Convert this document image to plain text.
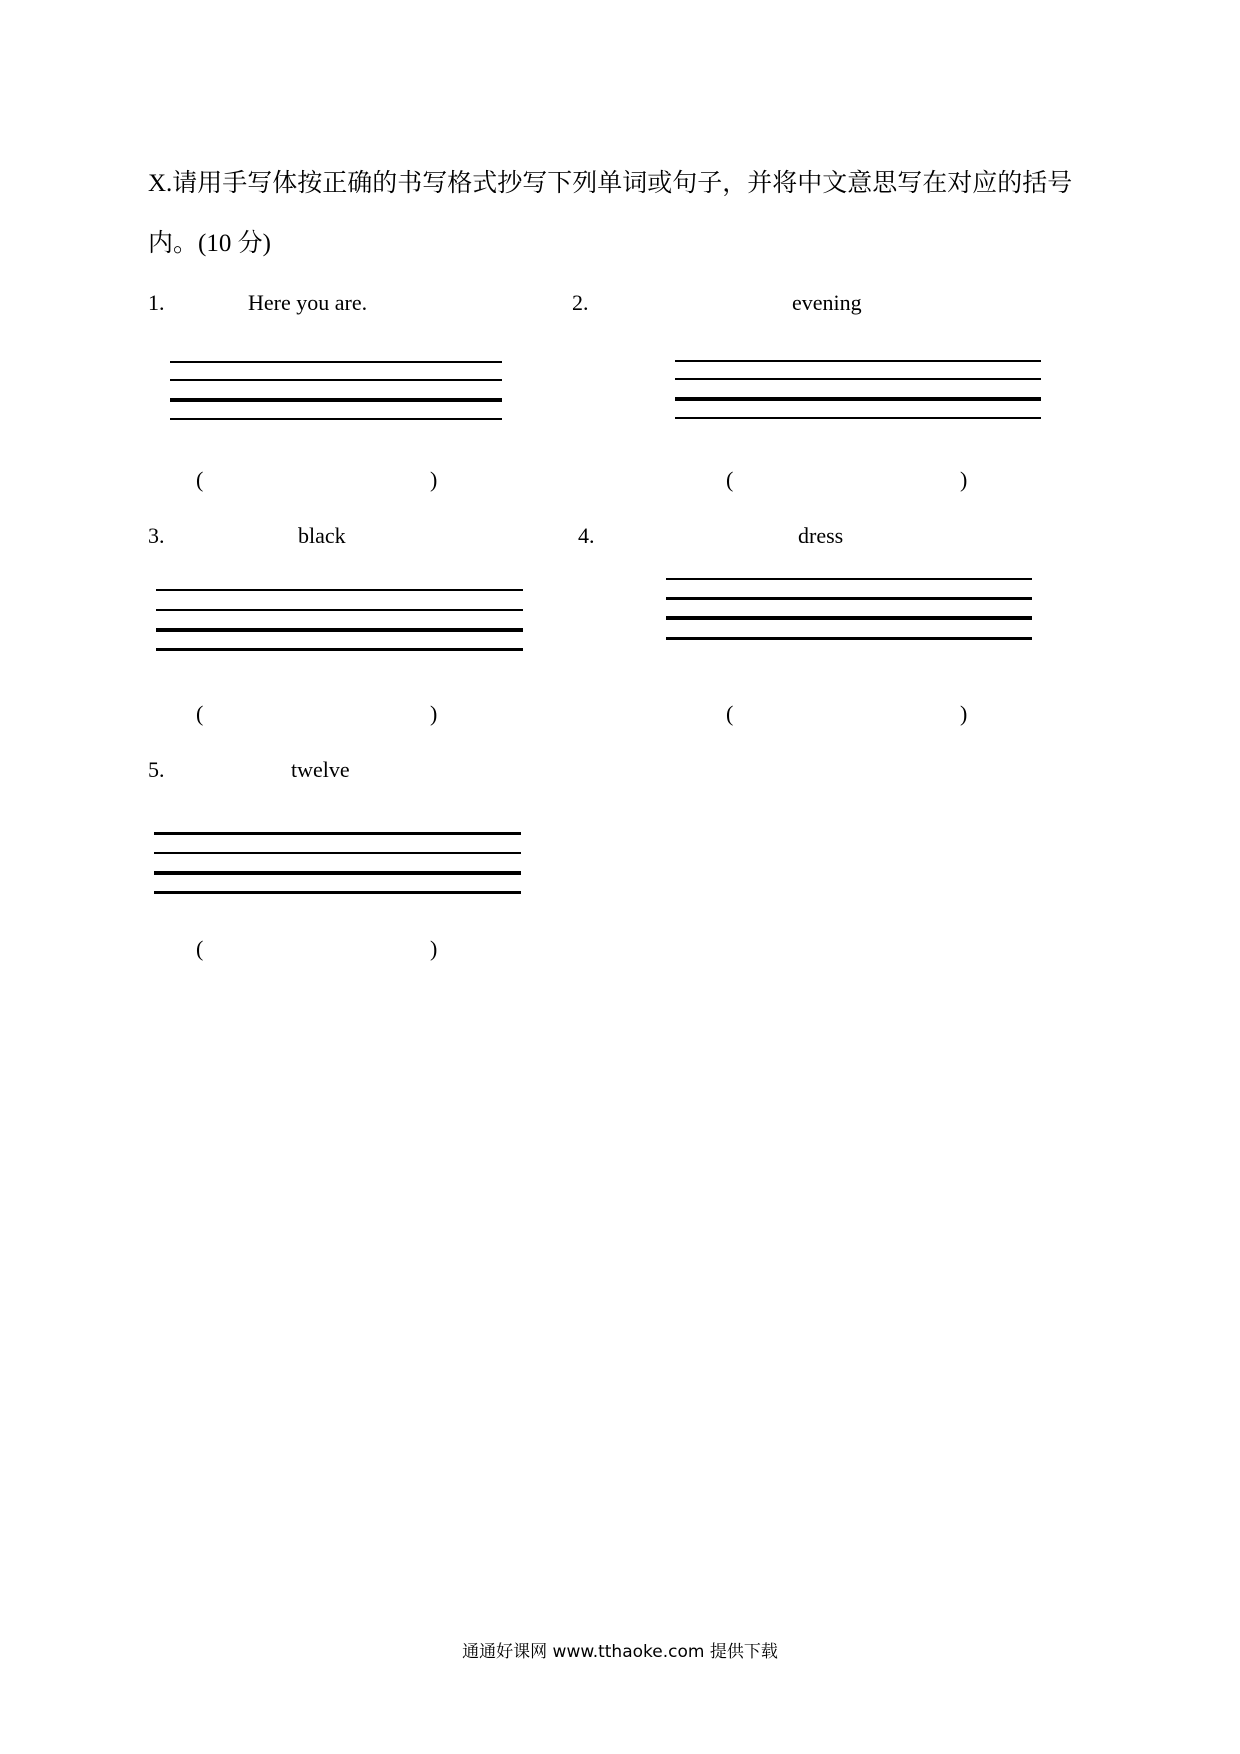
X.请用手写体按正确的书写格式抄写下列单词或句子，并将中文意思写在对应的括号
内。(10 分)
1.	Here you are.
(	)
2.	evening
(	)
3.	black
(	)
4.	dress
(	)
5.	twelve
(	)
通通好课网 www.tthaoke.com 提供下载
